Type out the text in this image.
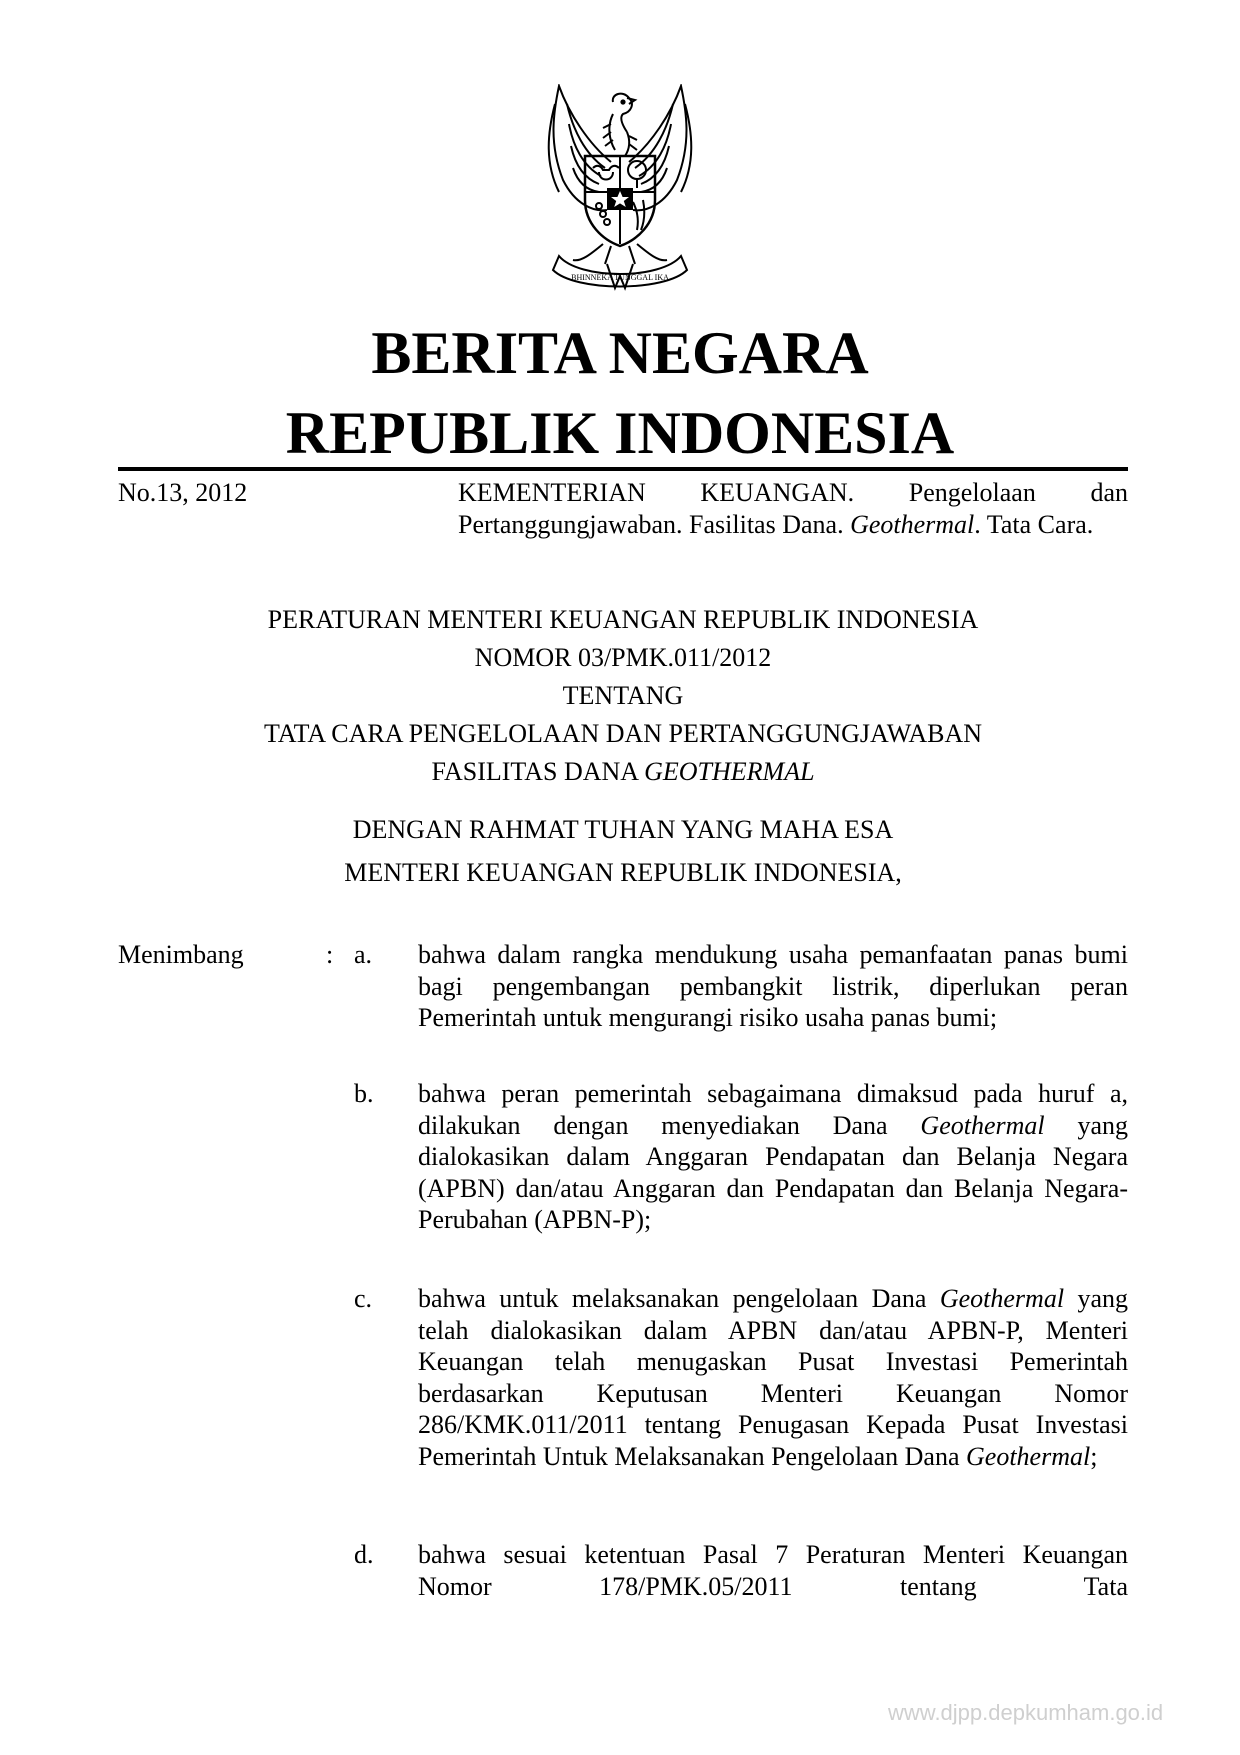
BHINNEKA TUNGGAL IKA
BERITA NEGARA
REPUBLIK INDONESIA
No.13, 2012	KEMENTERIAN KEUANGAN. Pengelolaan dan Pertanggungjawaban. Fasilitas Dana. Geothermal. Tata Cara.
PERATURAN MENTERI KEUANGAN REPUBLIK INDONESIA
NOMOR 03/PMK.011/2012
TENTANG
TATA CARA PENGELOLAAN DAN PERTANGGUNGJAWABAN
FASILITAS DANA GEOTHERMAL
DENGAN RAHMAT TUHAN YANG MAHA ESA
MENTERI KEUANGAN REPUBLIK INDONESIA,
Menimbang	: a.	bahwa dalam rangka mendukung usaha pemanfaatan panas bumi bagi pengembangan pembangkit listrik, diperlukan peran Pemerintah untuk mengurangi risiko usaha panas bumi;
b.	bahwa peran pemerintah sebagaimana dimaksud pada huruf a, dilakukan dengan menyediakan Dana Geothermal yang dialokasikan dalam Anggaran Pendapatan dan Belanja Negara (APBN) dan/atau Anggaran dan Pendapatan dan Belanja Negara-Perubahan (APBN-P);
c.	bahwa untuk melaksanakan pengelolaan Dana Geothermal yang telah dialokasikan dalam APBN dan/atau APBN-P, Menteri Keuangan telah menugaskan Pusat Investasi Pemerintah berdasarkan Keputusan Menteri Keuangan Nomor 286/KMK.011/2011 tentang Penugasan Kepada Pusat Investasi Pemerintah Untuk Melaksanakan Pengelolaan Dana Geothermal;
d.	bahwa sesuai ketentuan Pasal 7 Peraturan Menteri Keuangan Nomor 178/PMK.05/2011 tentang Tata
www.djpp.depkumham.go.id
